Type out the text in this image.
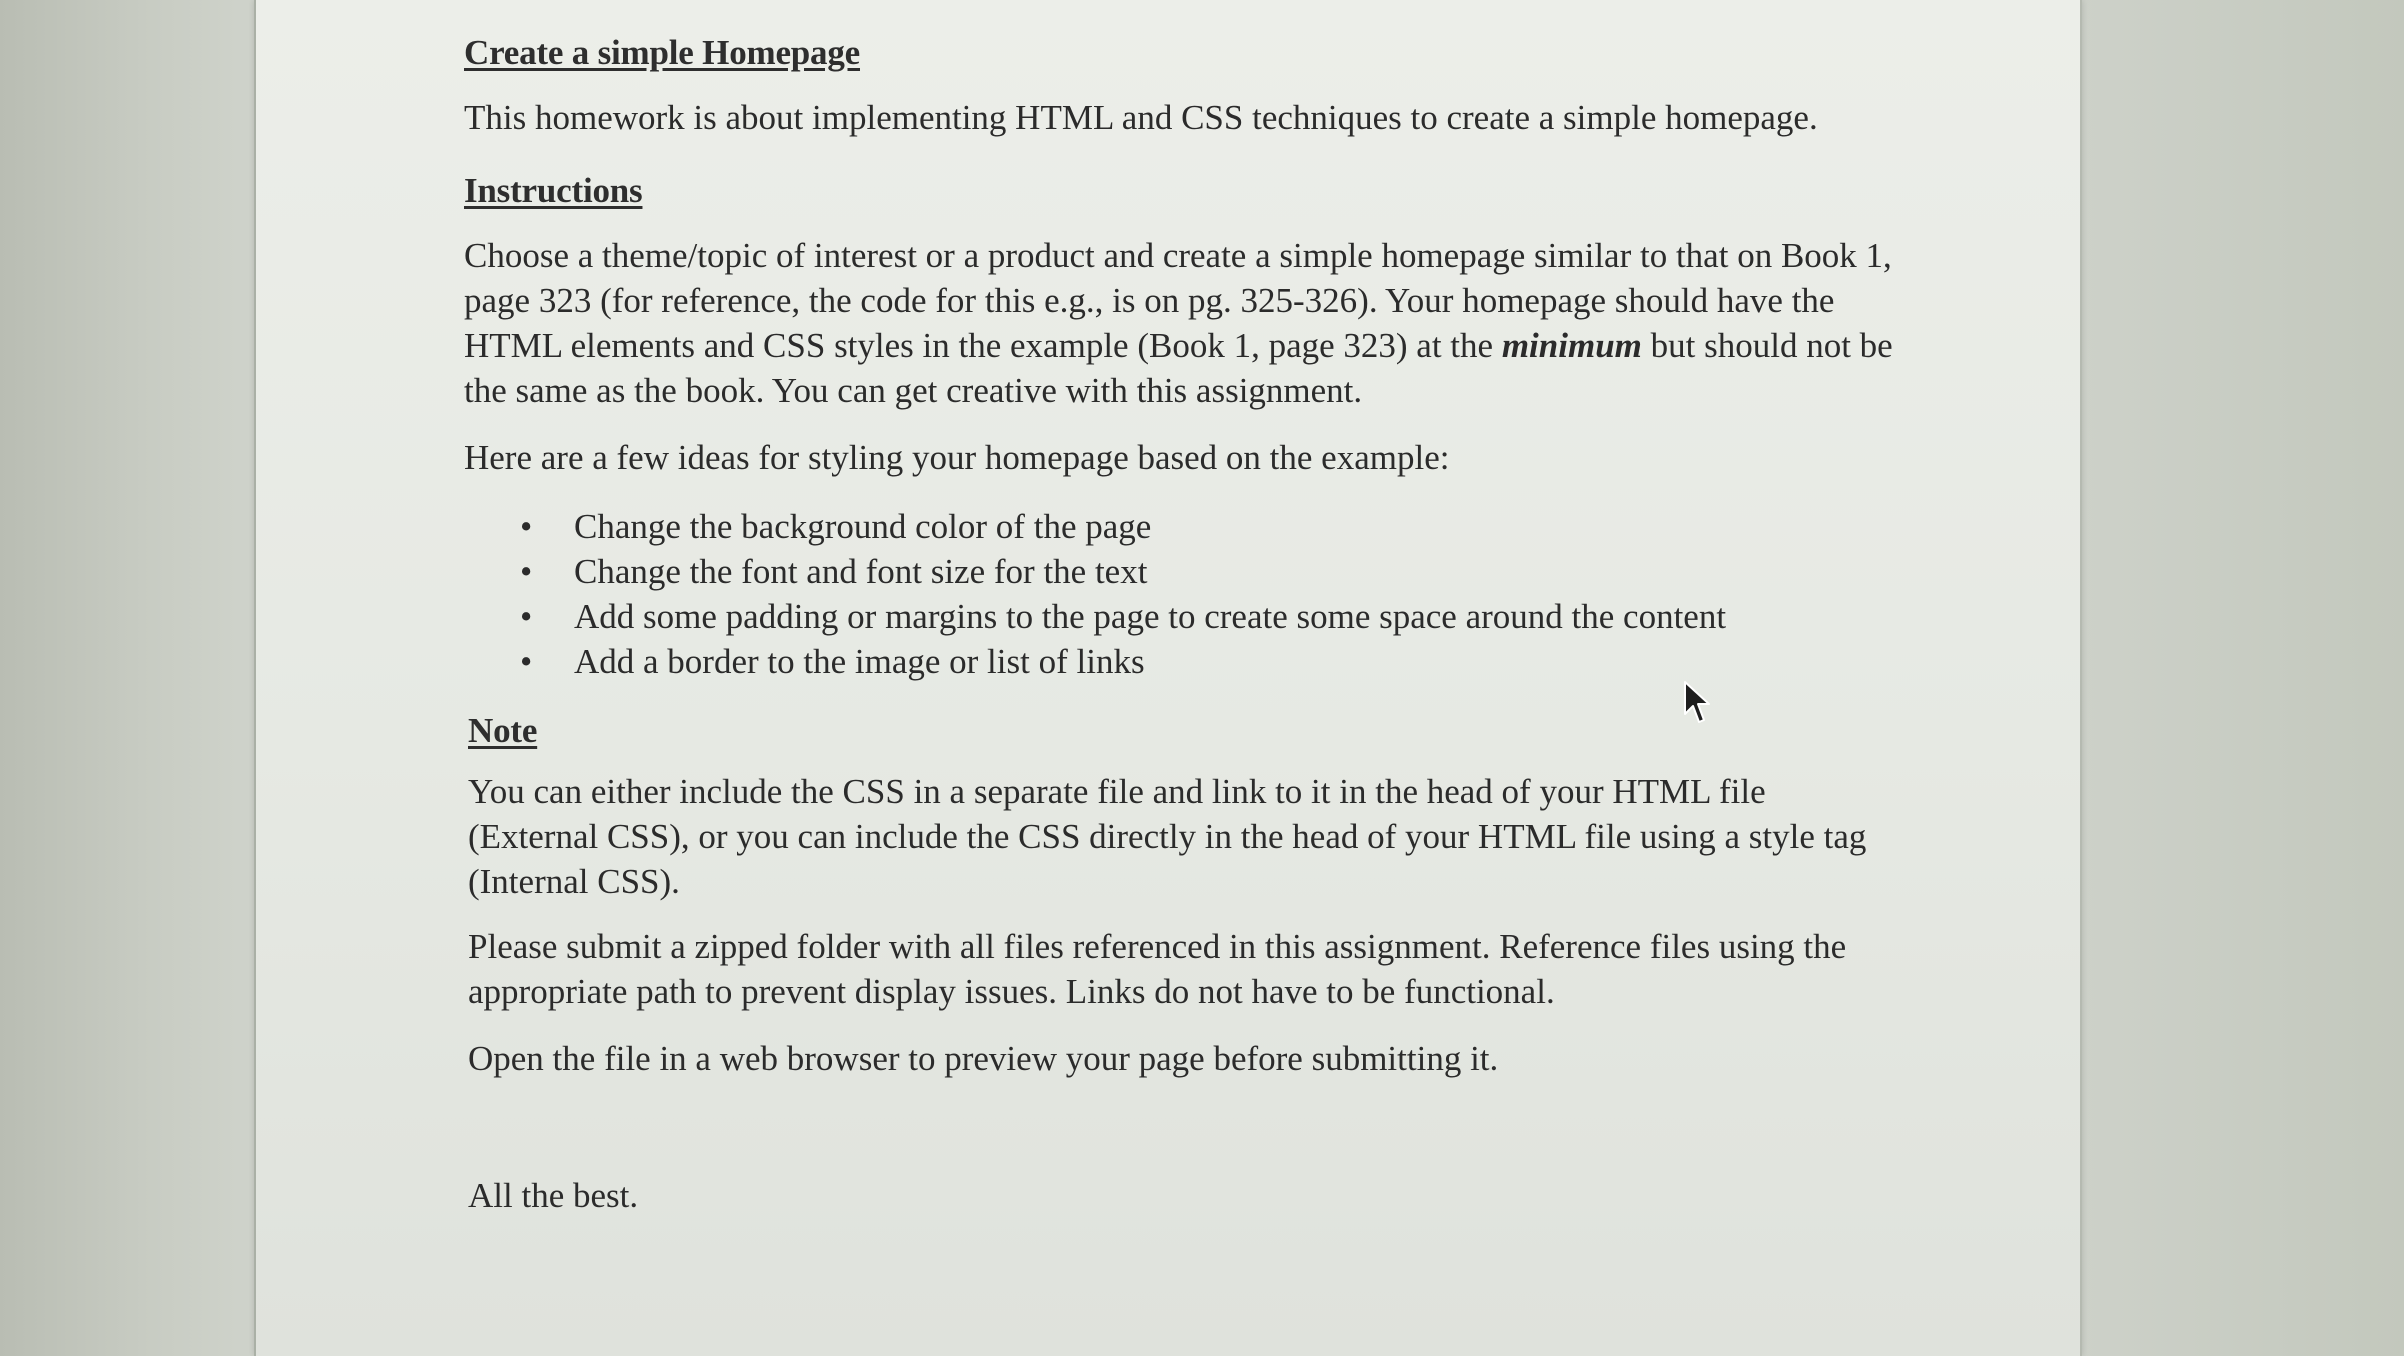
Create a simple Homepage

This homework is about implementing HTML and CSS techniques to create a simple homepage.

Instructions

Choose a theme/topic of interest or a product and create a simple homepage similar to that on Book 1, page 323 (for reference, the code for this e.g., is on pg. 325-326). Your homepage should have the HTML elements and CSS styles in the example (Book 1, page 323) at the minimum but should not be the same as the book. You can get creative with this assignment.

Here are a few ideas for styling your homepage based on the example:

• Change the background color of the page
• Change the font and font size for the text
• Add some padding or margins to the page to create some space around the content
• Add a border to the image or list of links

Note

You can either include the CSS in a separate file and link to it in the head of your HTML file (External CSS), or you can include the CSS directly in the head of your HTML file using a style tag (Internal CSS).

Please submit a zipped folder with all files referenced in this assignment. Reference files using the appropriate path to prevent display issues. Links do not have to be functional.

Open the file in a web browser to preview your page before submitting it.

All the best.
